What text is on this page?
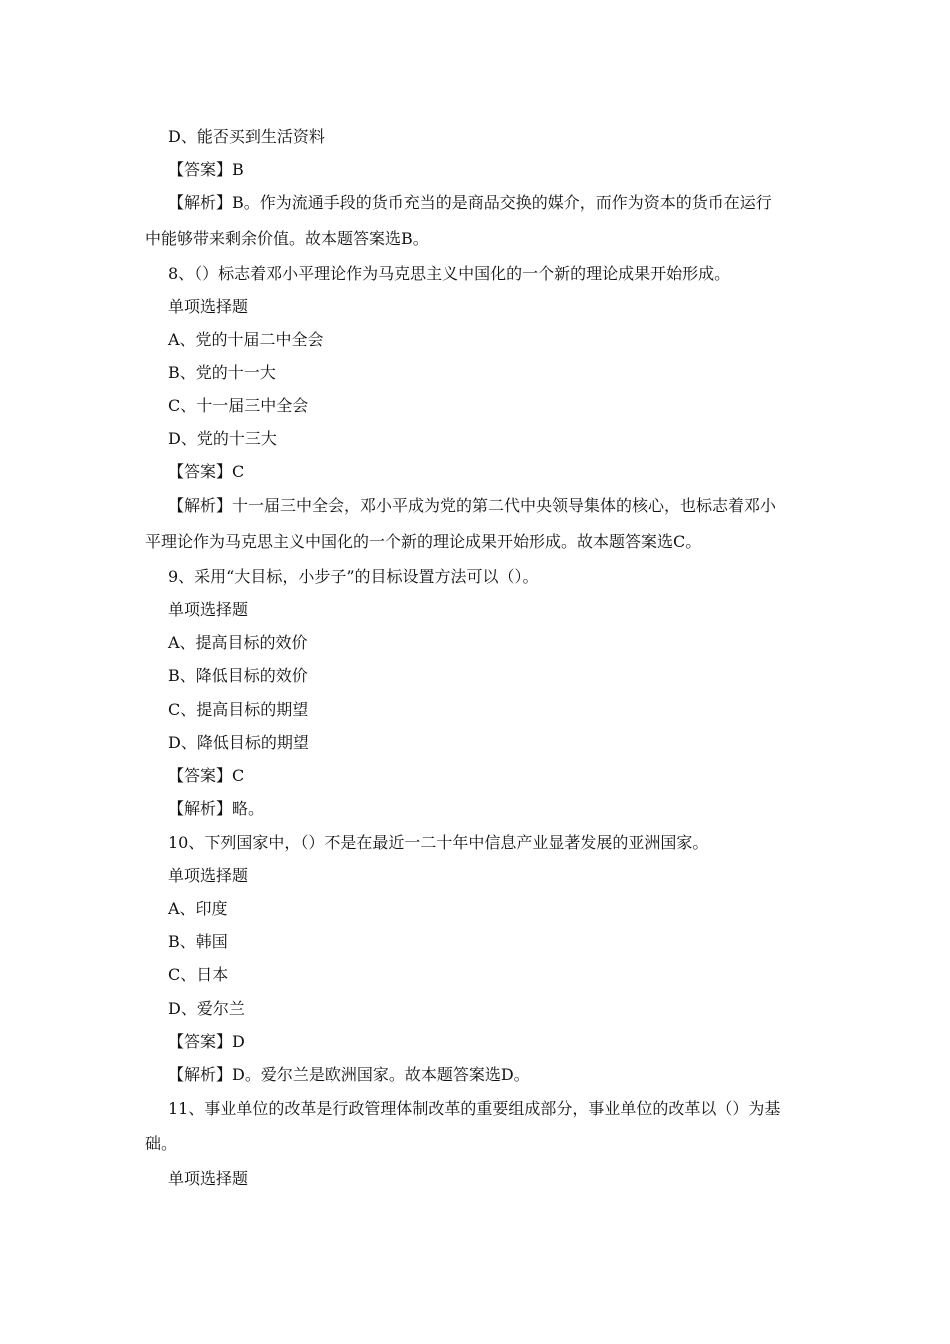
D、能否买到生活资料
【答案】B
【解析】B。作为流通手段的货币充当的是商品交换的媒介，而作为资本的货币在运行
中能够带来剩余价值。故本题答案选B。
8、（）标志着邓小平理论作为马克思主义中国化的一个新的理论成果开始形成。
单项选择题
A、党的十届二中全会
B、党的十一大
C、十一届三中全会
D、党的十三大
【答案】C
【解析】十一届三中全会，邓小平成为党的第二代中央领导集体的核心，也标志着邓小
平理论作为马克思主义中国化的一个新的理论成果开始形成。故本题答案选C。
9、采用“大目标，小步子”的目标设置方法可以（）。
单项选择题
A、提高目标的效价
B、降低目标的效价
C、提高目标的期望
D、降低目标的期望
【答案】C
【解析】略。
10、下列国家中，（）不是在最近一二十年中信息产业显著发展的亚洲国家。
单项选择题
A、印度
B、韩国
C、日本
D、爱尔兰
【答案】D
【解析】D。爱尔兰是欧洲国家。故本题答案选D。
11、事业单位的改革是行政管理体制改革的重要组成部分，事业单位的改革以（）为基
础。
单项选择题
